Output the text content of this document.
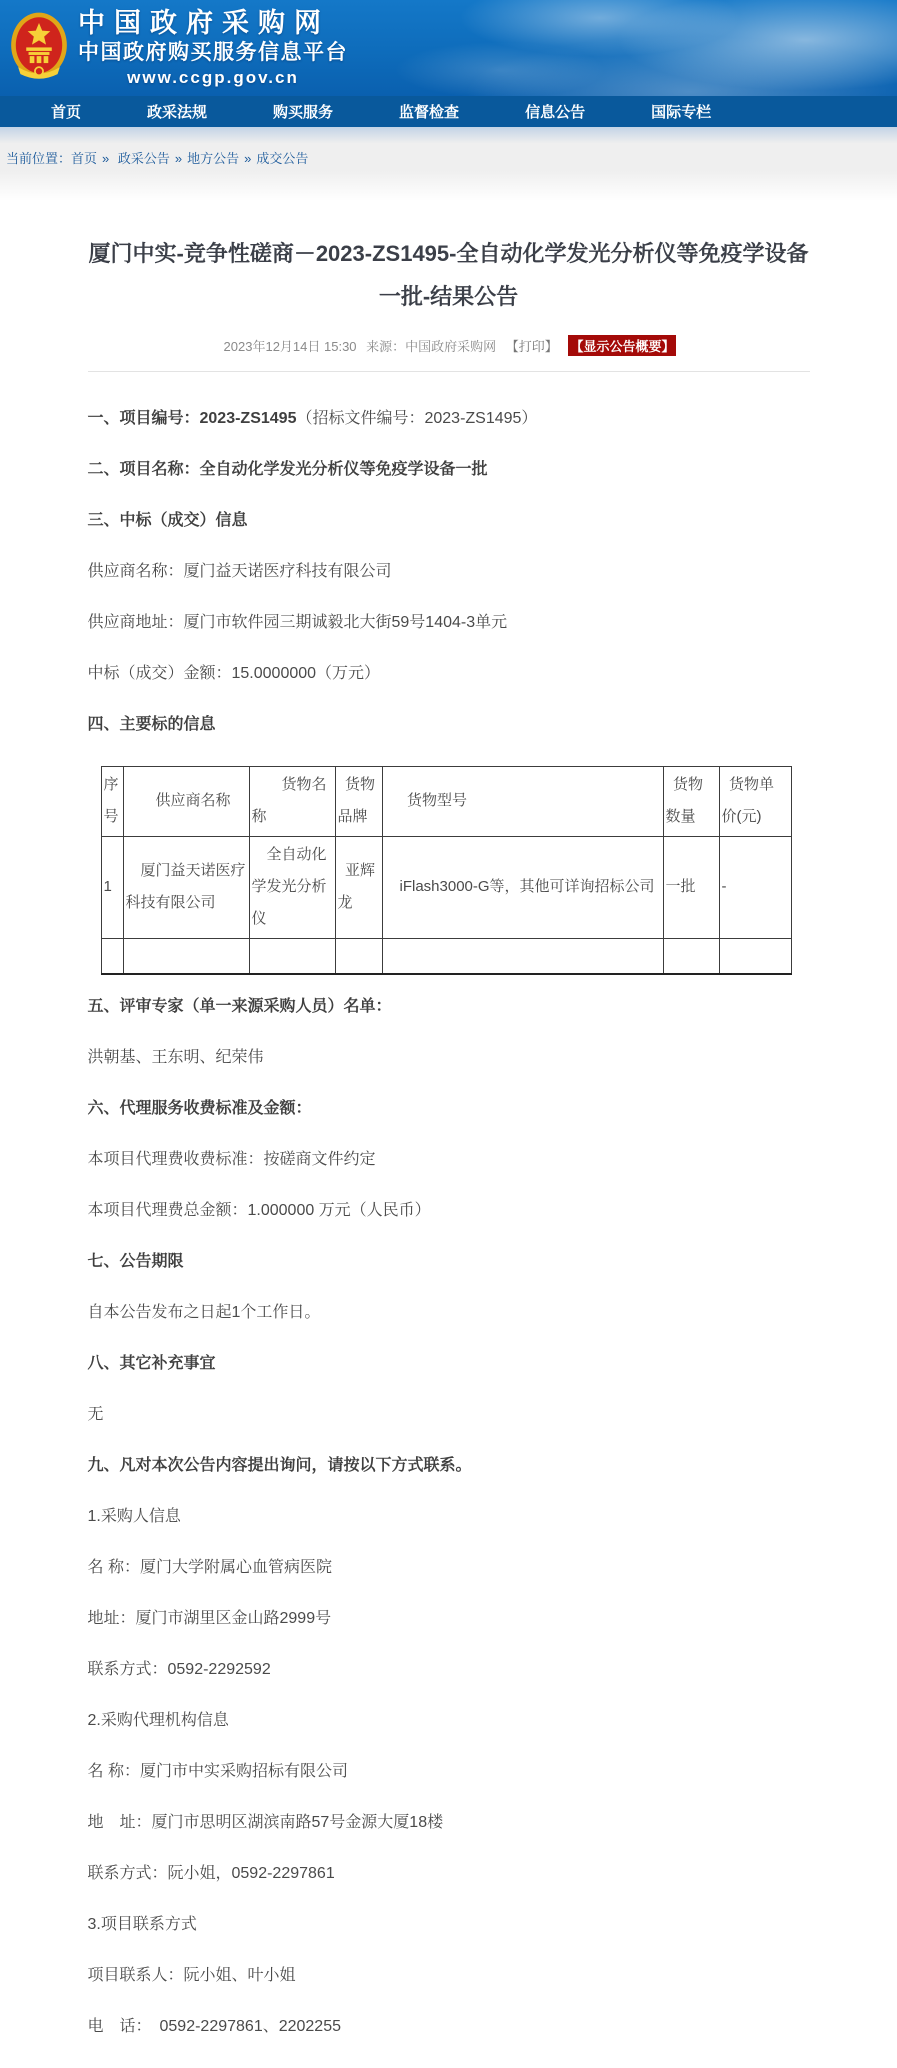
中国政府采购网
中国政府购买服务信息平台
www.ccgp.gov.cn
首页	政采法规	购买服务	监督检查	信息公告	国际专栏
当前位置：首页 » 政采公告 » 地方公告 » 成交公告
厦门中实-竞争性磋商－2023-ZS1495-全自动化学发光分析仪等免疫学设备一批-结果公告
2023年12月14日 15:30 来源：中国政府采购网 【打印】 【显示公告概要】

一、项目编号：2023-ZS1495（招标文件编号：2023-ZS1495）

二、项目名称：全自动化学发光分析仪等免疫学设备一批

三、中标（成交）信息

供应商名称：厦门益天诺医疗科技有限公司

供应商地址：厦门市软件园三期诚毅北大街59号1404-3单元

中标（成交）金额：15.0000000（万元）

四、主要标的信息

序号	供应商名称	货物名称	货物品牌	货物型号	货物数量	货物单价(元)
1	厦门益天诺医疗科技有限公司	全自动化学发光分析仪	亚辉龙	iFlash3000-G等，其他可详询招标公司	一批	-

五、评审专家（单一来源采购人员）名单：

洪朝基、王东明、纪荣伟

六、代理服务收费标准及金额：

本项目代理费收费标准：按磋商文件约定

本项目代理费总金额：1.000000 万元（人民币）

七、公告期限

自本公告发布之日起1个工作日。

八、其它补充事宜

无

九、凡对本次公告内容提出询问，请按以下方式联系。

1.采购人信息

名 称：厦门大学附属心血管病医院

地址：厦门市湖里区金山路2999号

联系方式：0592-2292592

2.采购代理机构信息

名 称：厦门市中实采购招标有限公司

地　址：厦门市思明区湖滨南路57号金源大厦18楼

联系方式：阮小姐，0592-2297861

3.项目联系方式

项目联系人：阮小姐、叶小姐

电　话：　0592-2297861、2202255
